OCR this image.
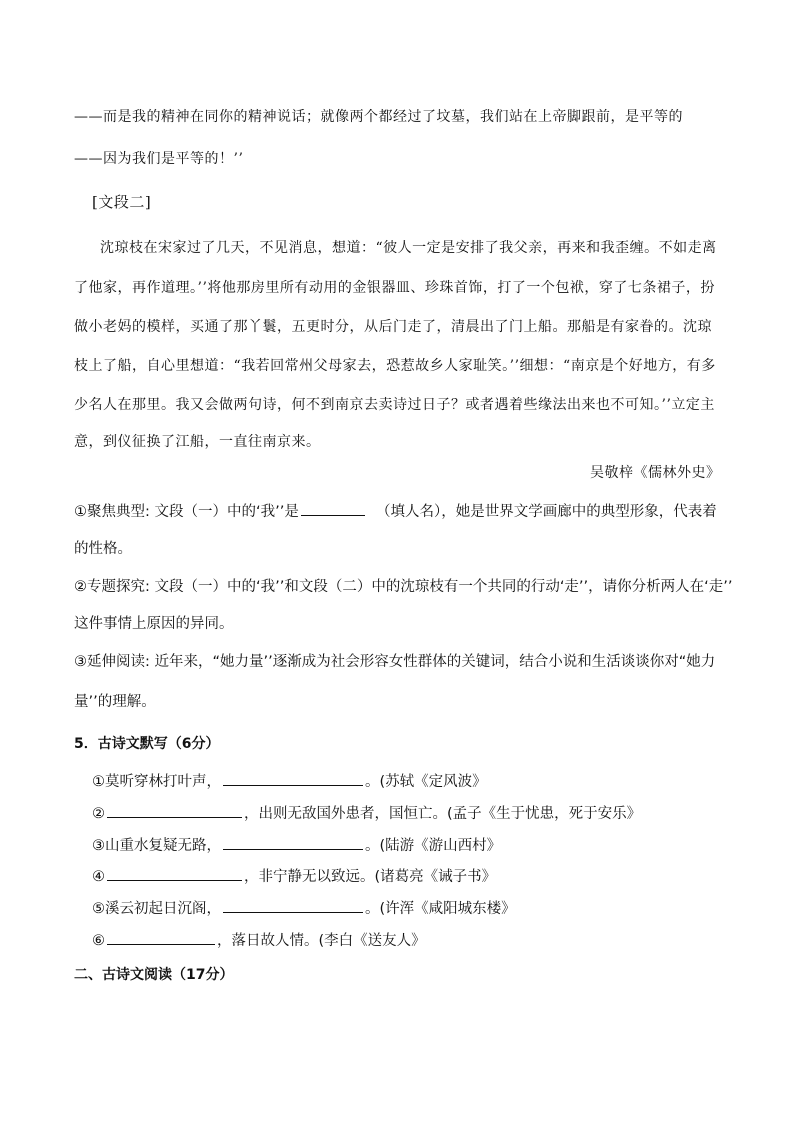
——而是我的精神在同你的精神说话；就像两个都经过了坟墓，我们站在上帝脚跟前，是平等的
——因为我们是平等的！’’
[文段二]
沈琼枝在宋家过了几天，不见消息，想道：“彼人一定是安排了我父亲，再来和我歪缠。不如走离
了他家，再作道理。’’将他那房里所有动用的金银器皿、珍珠首饰，打了一个包袱，穿了七条裙子，扮
做小老妈的模样，买通了那丫鬟，五更时分，从后门走了，清晨出了门上船。那船是有家眷的。沈琼
枝上了船，自心里想道：“我若回常州父母家去，恐惹故乡人家耻笑。’’细想：“南京是个好地方，有多
少名人在那里。我又会做两句诗，何不到南京去卖诗过日子？或者遇着些缘法出来也不可知。’’立定主
意，到仪征换了江船，一直往南京来。
吴敬梓《儒林外史》
①聚焦典型: 文段（一）中的‘我’’是	（填人名），她是世界文学画廊中的典型形象，代表着
的性格。
②专题探究: 文段（一）中的‘我’’和文段（二）中的沈琼枝有一个共同的行动‘走’’，请你分析两人在‘走’’
这件事情上原因的异同。
③延伸阅读: 近年来，“她力量’’逐渐成为社会形容女性群体的关键词，结合小说和生活谈谈你对“她力
量’’的理解。
5．古诗文默写（6分）
①莫听穿林打叶声，	。(苏轼《定风波》
②	，出则无敌国外患者，国恒亡。(孟子《生于忧患，死于安乐》
③山重水复疑无路，	。(陆游《游山西村》
④	，非宁静无以致远。(诸葛亮《诫子书》
⑤溪云初起日沉阁，	。(许浑《咸阳城东楼》
⑥	，落日故人情。(李白《送友人》
二、古诗文阅读（17分）
